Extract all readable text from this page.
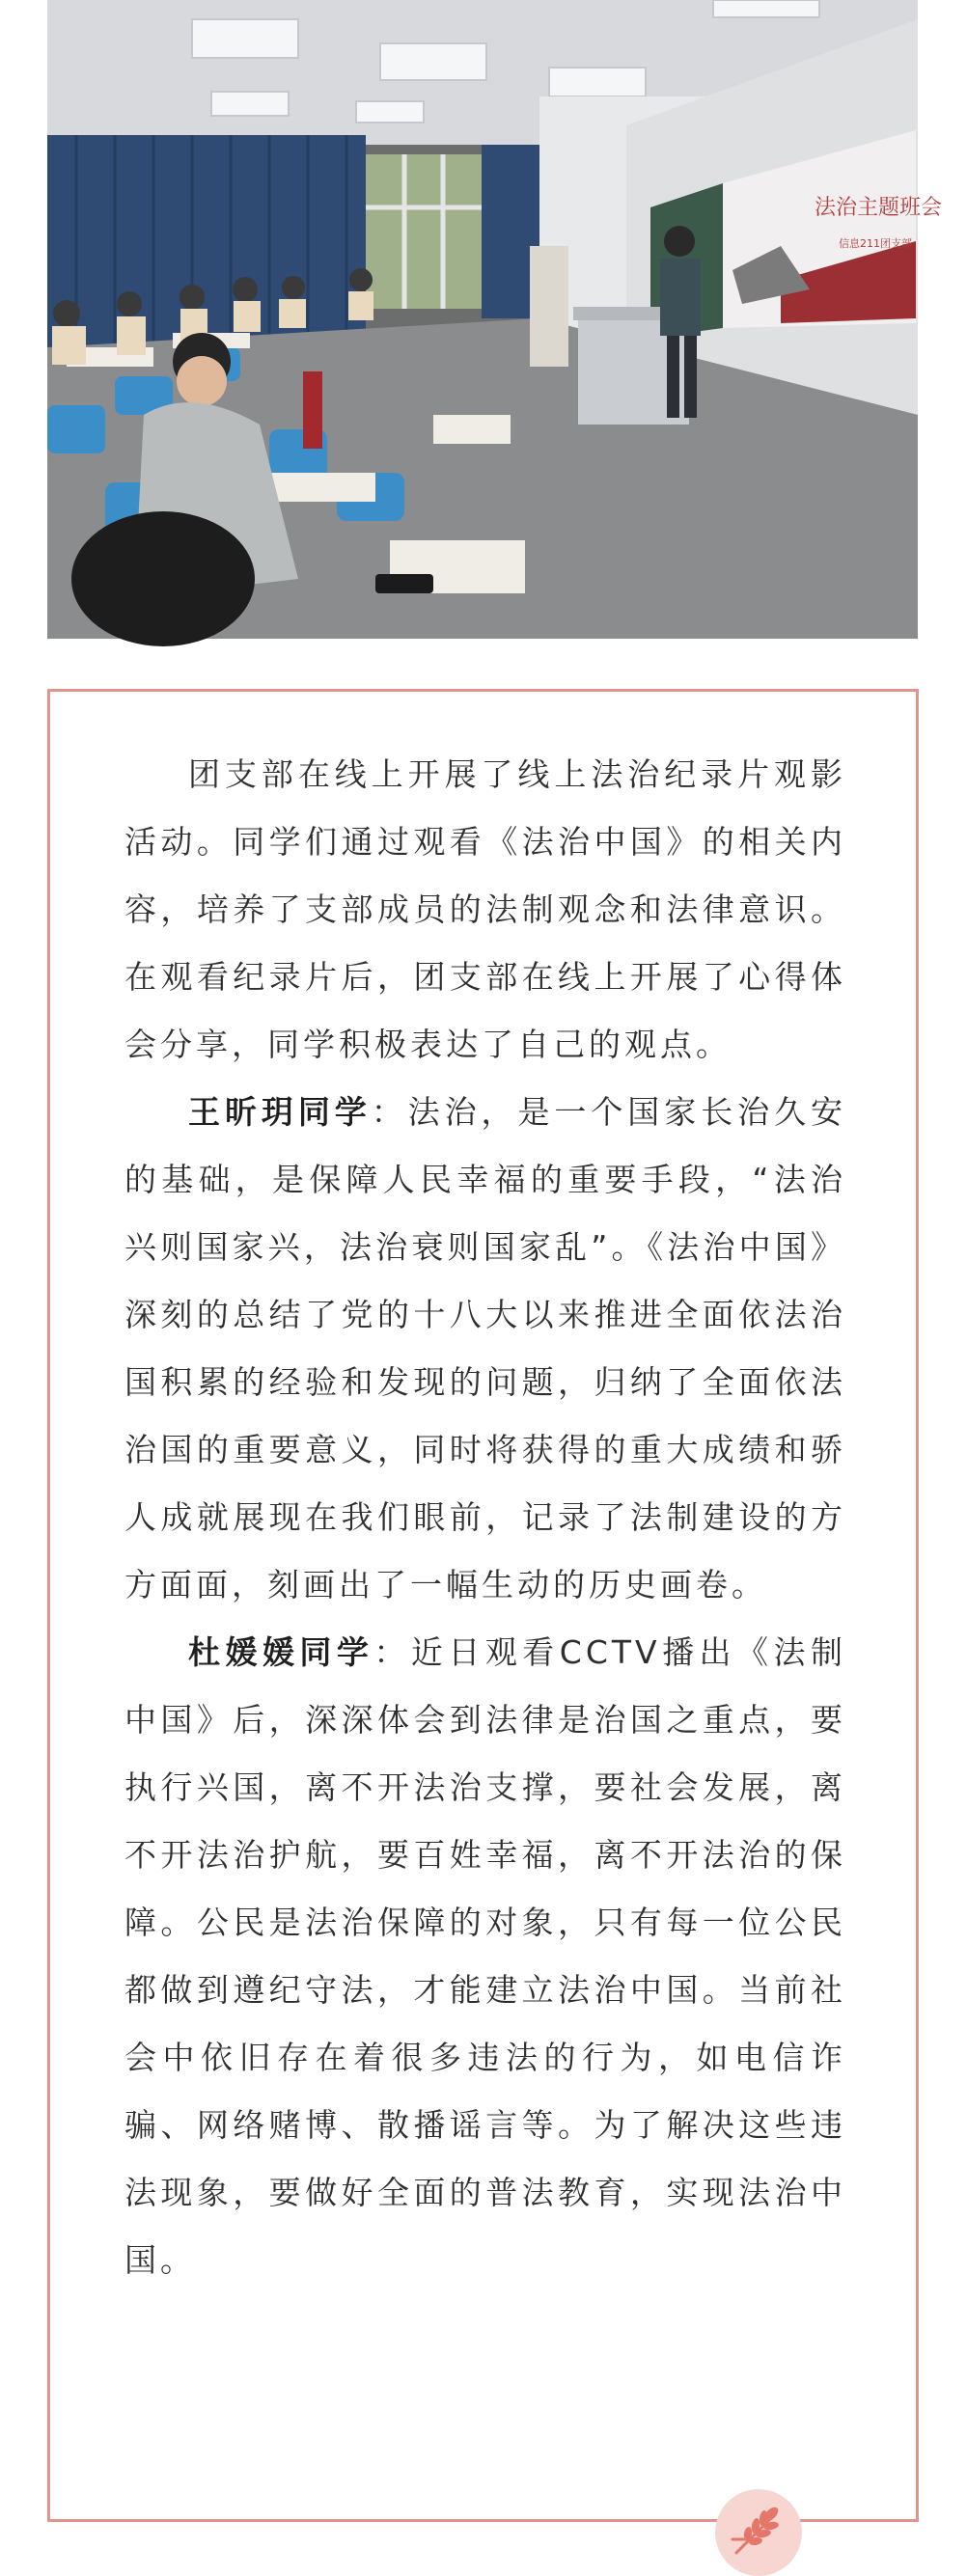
法治主题班会
信息211团支部

团支部在线上开展了线上法治纪录片观影活动。同学们通过观看《法治中国》的相关内容，培养了支部成员的法制观念和法律意识。在观看纪录片后，团支部在线上开展了心得体会分享，同学积极表达了自己的观点。

王昕玥同学：法治，是一个国家长治久安的基础，是保障人民幸福的重要手段，“法治兴则国家兴，法治衰则国家乱”。《法治中国》深刻的总结了党的十八大以来推进全面依法治国积累的经验和发现的问题，归纳了全面依法治国的重要意义，同时将获得的重大成绩和骄人成就展现在我们眼前，记录了法制建设的方方面面，刻画出了一幅生动的历史画卷。

杜媛媛同学：近日观看CCTV播出《法制中国》后，深深体会到法律是治国之重点，要执行兴国，离不开法治支撑，要社会发展，离不开法治护航，要百姓幸福，离不开法治的保障。公民是法治保障的对象，只有每一位公民都做到遵纪守法，才能建立法治中国。当前社会中依旧存在着很多违法的行为，如电信诈骗、网络赌博、散播谣言等。为了解决这些违法现象，要做好全面的普法教育，实现法治中国。
